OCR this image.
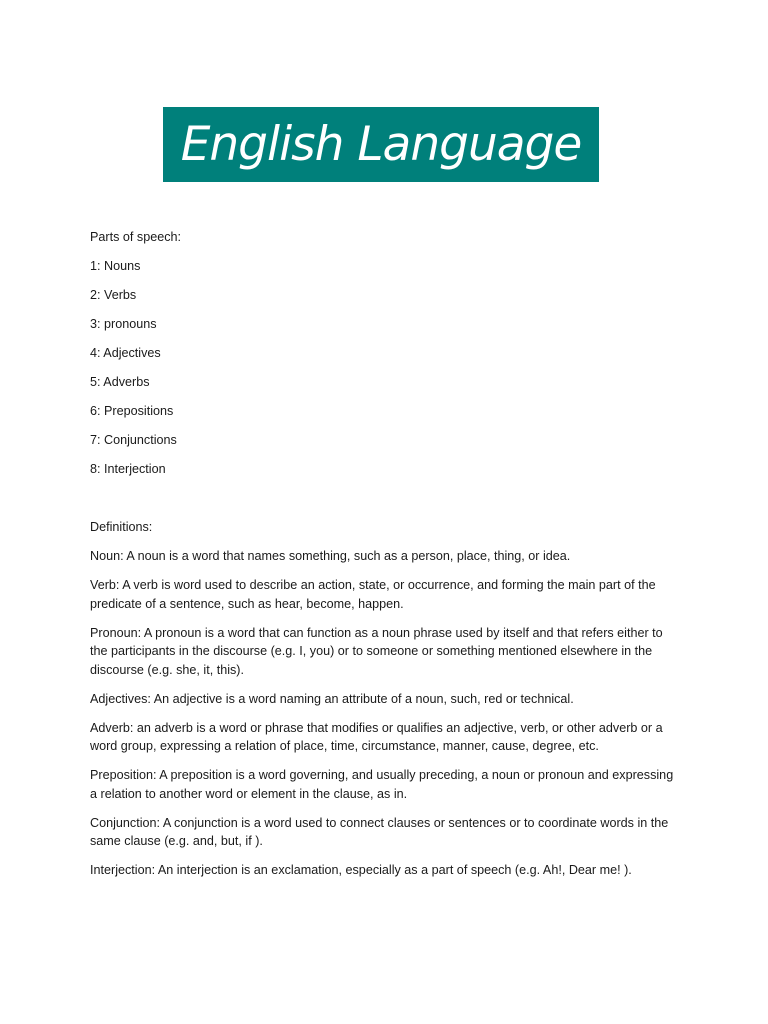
English Language
Parts of speech:
1: Nouns
2: Verbs
3: pronouns
4: Adjectives
5: Adverbs
6: Prepositions
7: Conjunctions
8: Interjection
Definitions:
Noun: A noun is a word that names something, such as a person, place, thing, or idea.
Verb: A verb is word used to describe an action, state, or occurrence, and forming the main part of the predicate of a sentence, such as hear, become, happen.
Pronoun: A pronoun is a word that can function as a noun phrase used by itself and that refers either to the participants in the discourse (e.g. I, you) or to someone or something mentioned elsewhere in the discourse (e.g. she, it, this).
Adjectives: An adjective is a word naming an attribute of a noun, such, red or technical.
Adverb: an adverb is a word or phrase that modifies or qualifies an adjective, verb, or other adverb or a word group, expressing a relation of place, time, circumstance, manner, cause, degree, etc.
Preposition: A preposition is a word governing, and usually preceding, a noun or pronoun and expressing a relation to another word or element in the clause, as in.
Conjunction: A conjunction is a word used to connect clauses or sentences or to coordinate words in the same clause (e.g. and, but, if ).
Interjection: An interjection is an exclamation, especially as a part of speech (e.g. Ah!, Dear me! ).
